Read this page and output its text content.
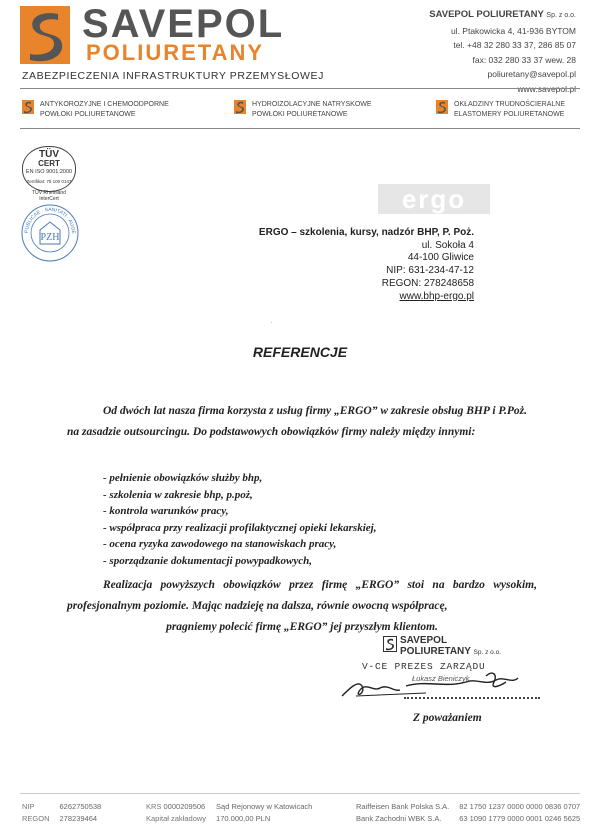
SAVEPOL
POLIURETANY
ZABEZPIECZENIA INFRASTRUKTURY PRZEMYSŁOWEJ
SAVEPOL POLIURETANY Sp. z o.o.
ul. Ptakowicka 4, 41-936 BYTOM
tel. +48 32 280 33 37, 286 85 07
fax: 032 280 33 37 wew. 28
poliuretany@savepol.pl
ANTYKOROZYJNE I CHEMOODPORNE
POWŁOKI POLIURETANOWE
HYDROIZOLACYJNE NATRYSKOWE
POWŁOKI POLIURETANOWE
OKŁADZINY TRUDNOŚCIERALNE
ELASTOMERY POLIURETANOWE
TÜV
CERT
EN ISO 9001:2000
Zertifikat: 75 100 0147
TÜV Rheinland InterCert
PZH
PUBLICAE · SANITATI · AUGE
ergo
ERGO – szkolenia, kursy, nadzór BHP, P. Poż.
ul. Sokoła 4
44-100 Gliwice
NIP: 631-234-47-12
REGON: 278248658
www.bhp-ergo.pl
·
REFERENCJE
Od dwóch lat nasza firma korzysta z usług firmy „ERGO” w zakresie obsług BHP i P.Poż. na zasadzie outsourcingu. Do podstawowych obowiązków firmy należy między innymi:
- pełnienie obowiązków służby bhp,
- szkolenia w zakresie bhp, p.poż,
- kontrola warunków pracy,
- współpraca przy realizacji profilaktycznej opieki lekarskiej,
- ocena ryzyka zawodowego na stanowiskach pracy,
- sporządzanie dokumentacji powypadkowych,
Realizacja powyższych obowiązków przez firmę „ERGO” stoi na bardzo wysokim, profesjonalnym poziomie. Mając nadzieję na dalsza, równie owocną współpracę,
pragniemy polecić firmę „ERGO” jej przyszłym klientom.
SAVEPOL
POLIURETANY Sp. z o.o.
V-CE PREZES ZARZĄDU
Łukasz Bieniczyk
Z poważaniem
NIP
REGON
6262750538
278239464
KRS 0000209506
Kapitał zakładowy
Sąd Rejonowy w Katowicach
170.000,00 PLN
Raiffeisen Bank Polska S.A.
Bank Zachodni WBK S.A.
82 1750 1237 0000 0000 0836 0707
63 1090 1779 0000 0001 0246 5625
